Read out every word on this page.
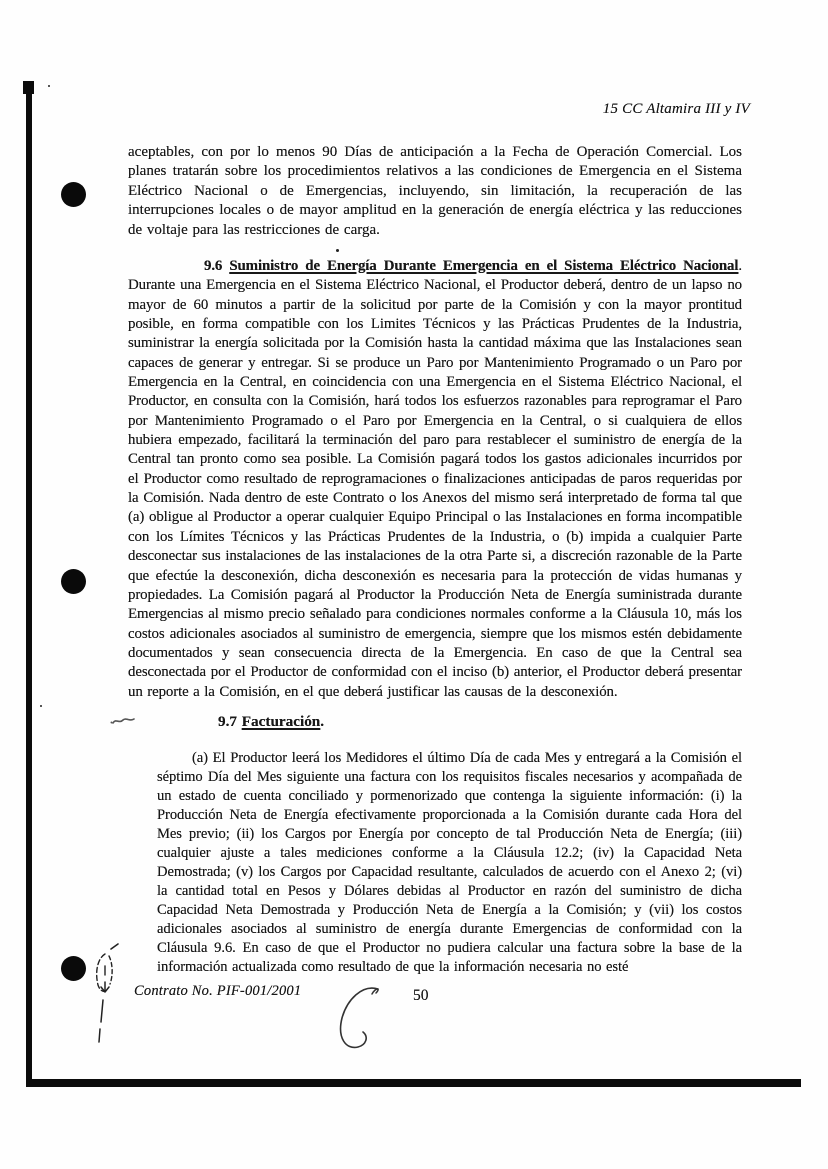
15 CC Altamira III y IV
aceptables, con por lo menos 90 Días de anticipación a la Fecha de Operación Comercial. Los planes tratarán sobre los procedimientos relativos a las condiciones de Emergencia en el Sistema Eléctrico Nacional o de Emergencias, incluyendo, sin limitación, la recuperación de las interrupciones locales o de mayor amplitud en la generación de energía eléctrica y las reducciones de voltaje para las restricciones de carga.
9.6 Suministro de Energía Durante Emergencia en el Sistema Eléctrico Nacional. Durante una Emergencia en el Sistema Eléctrico Nacional, el Productor deberá, dentro de un lapso no mayor de 60 minutos a partir de la solicitud por parte de la Comisión y con la mayor prontitud posible, en forma compatible con los Limites Técnicos y las Prácticas Prudentes de la Industria, suministrar la energía solicitada por la Comisión hasta la cantidad máxima que las Instalaciones sean capaces de generar y entregar. Si se produce un Paro por Mantenimiento Programado o un Paro por Emergencia en la Central, en coincidencia con una Emergencia en el Sistema Eléctrico Nacional, el Productor, en consulta con la Comisión, hará todos los esfuerzos razonables para reprogramar el Paro por Mantenimiento Programado o el Paro por Emergencia en la Central, o si cualquiera de ellos hubiera empezado, facilitará la terminación del paro para restablecer el suministro de energía de la Central tan pronto como sea posible. La Comisión pagará todos los gastos adicionales incurridos por el Productor como resultado de reprogramaciones o finalizaciones anticipadas de paros requeridas por la Comisión. Nada dentro de este Contrato o los Anexos del mismo será interpretado de forma tal que (a) obligue al Productor a operar cualquier Equipo Principal o las Instalaciones en forma incompatible con los Límites Técnicos y las Prácticas Prudentes de la Industria, o (b) impida a cualquier Parte desconectar sus instalaciones de las instalaciones de la otra Parte si, a discreción razonable de la Parte que efectúe la desconexión, dicha desconexión es necesaria para la protección de vidas humanas y propiedades. La Comisión pagará al Productor la Producción Neta de Energía suministrada durante Emergencias al mismo precio señalado para condiciones normales conforme a la Cláusula 10, más los costos adicionales asociados al suministro de emergencia, siempre que los mismos estén debidamente documentados y sean consecuencia directa de la Emergencia. En caso de que la Central sea desconectada por el Productor de conformidad con el inciso (b) anterior, el Productor deberá presentar un reporte a la Comisión, en el que deberá justificar las causas de la desconexión.
9.7 Facturación.
(a) El Productor leerá los Medidores el último Día de cada Mes y entregará a la Comisión el séptimo Día del Mes siguiente una factura con los requisitos fiscales necesarios y acompañada de un estado de cuenta conciliado y pormenorizado que contenga la siguiente información: (i) la Producción Neta de Energía efectivamente proporcionada a la Comisión durante cada Hora del Mes previo; (ii) los Cargos por Energía por concepto de tal Producción Neta de Energía; (iii) cualquier ajuste a tales mediciones conforme a la Cláusula 12.2; (iv) la Capacidad Neta Demostrada; (v) los Cargos por Capacidad resultante, calculados de acuerdo con el Anexo 2; (vi) la cantidad total en Pesos y Dólares debidas al Productor en razón del suministro de dicha Capacidad Neta Demostrada y Producción Neta de Energía a la Comisión; y (vii) los costos adicionales asociados al suministro de energía durante Emergencias de conformidad con la Cláusula 9.6. En caso de que el Productor no pudiera calcular una factura sobre la base de la información actualizada como resultado de que la información necesaria no esté
Contrato No. PIF-001/2001	50
